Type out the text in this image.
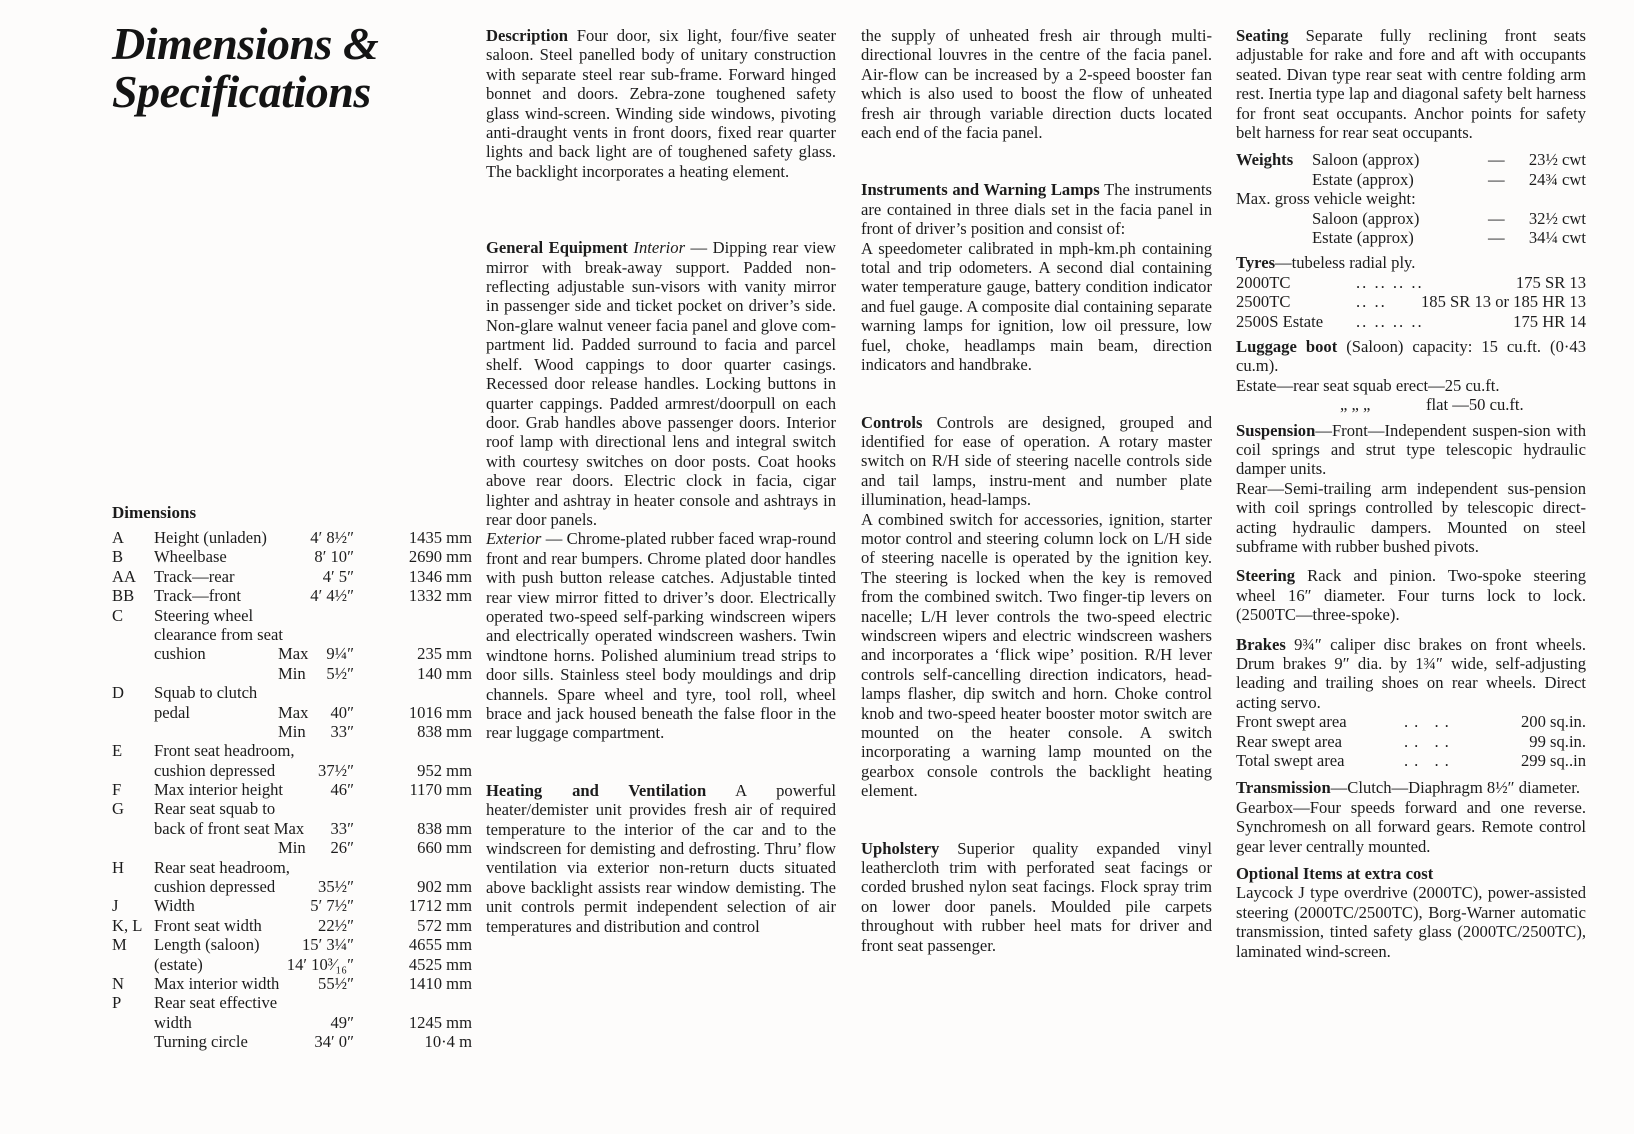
Dimensions &
Specifications
Dimensions
A Height (unladen)	4′ 8½″	1435 mm
B Wheelbase	8′ 10″	2690 mm
AA Track—rear	4′ 5″	1346 mm
BB Track—front	4′ 4½″	1332 mm
C Steering wheel
clearance from seat
cushion	Max 9¼″	235 mm
Min 5½″	140 mm
D Squab to clutch
pedal	Max 40″	1016 mm
Min 33″	838 mm
E Front seat headroom,
cushion depressed	37½″	952 mm
F Max interior height	46″	1170 mm
G Rear seat squab to
back of front seat Max 33″	838 mm
Min 26″	660 mm
H Rear seat headroom,
cushion depressed	35½″	902 mm
J Width	5′ 7½″	1712 mm
K, L Front seat width	22½″	572 mm
M Length (saloon)	15′ 3¼″	4655 mm
(estate)	14′ 10³⁄₁₆″	4525 mm
N Max interior width 55½″	1410 mm
P Rear seat effective
width	49″	1245 mm
Turning circle	34′ 0″	10·4 m

Description Four door, six light, four/five seater saloon. Steel panelled body of unitary construction with separate steel rear sub-frame. Forward hinged bonnet and doors. Zebra-zone toughened safety glass wind-screen. Winding side windows, pivoting anti-draught vents in front doors, fixed rear quarter lights and back light are of toughened safety glass. The backlight incorporates a heating element.

General Equipment Interior — Dipping rear view mirror with break-away support. Padded non-reflecting adjustable sun-visors with vanity mirror in passenger side and ticket pocket on driver’s side. Non-glare walnut veneer facia panel and glove com-partment lid. Padded surround to facia and parcel shelf. Wood cappings to door quarter casings. Recessed door release handles. Locking buttons in quarter cappings. Padded armrest/doorpull on each door. Grab handles above passenger doors. Interior roof lamp with directional lens and integral switch with courtesy switches on door posts. Coat hooks above rear doors. Electric clock in facia, cigar lighter and ashtray in heater console and ashtrays in rear door panels.
Exterior — Chrome-plated rubber faced wrap-round front and rear bumpers. Chrome plated door handles with push button release catches. Adjustable tinted rear view mirror fitted to driver’s door. Electrically operated two-speed self-parking windscreen wipers and electrically operated windscreen washers. Twin windtone horns. Polished aluminium tread strips to door sills. Stainless steel body mouldings and drip channels. Spare wheel and tyre, tool roll, wheel brace and jack housed beneath the false floor in the rear luggage compartment.

Heating and Ventilation A powerful heater/demister unit provides fresh air of required temperature to the interior of the car and to the windscreen for demisting and defrosting. Thru’ flow ventilation via exterior non-return ducts situated above backlight assists rear window demisting. The unit controls permit independent selection of air temperatures and distribution and control

the supply of unheated fresh air through multi-directional louvres in the centre of the facia panel. Air-flow can be increased by a 2-speed booster fan which is also used to boost the flow of unheated fresh air through variable direction ducts located each end of the facia panel.

Instruments and Warning Lamps The instruments are contained in three dials set in the facia panel in front of driver’s position and consist of:
A speedometer calibrated in mph-km.ph containing total and trip odometers. A second dial containing water temperature gauge, battery condition indicator and fuel gauge. A composite dial containing separate warning lamps for ignition, low oil pressure, low fuel, choke, headlamps main beam, direction indicators and handbrake.

Controls Controls are designed, grouped and identified for ease of operation. A rotary master switch on R/H side of steering nacelle controls side and tail lamps, instru-ment and number plate illumination, head-lamps.
A combined switch for accessories, ignition, starter motor control and steering column lock on L/H side of steering nacelle is operated by the ignition key. The steering is locked when the key is removed from the combined switch. Two finger-tip levers on nacelle; L/H lever controls the two-speed electric windscreen wipers and electric windscreen washers and incorporates a ‘flick wipe’ position. R/H lever controls self-cancelling direction indicators, head-lamps flasher, dip switch and horn. Choke control knob and two-speed heater booster motor switch are mounted on the heater console. A switch incorporating a warning lamp mounted on the gearbox console controls the backlight heating element.

Upholstery Superior quality expanded vinyl leathercloth trim with perforated seat facings or corded brushed nylon seat facings. Flock spray trim on lower door panels. Moulded pile carpets throughout with rubber heel mats for driver and front seat passenger.

Seating Separate fully reclining front seats adjustable for rake and fore and aft with occupants seated. Divan type rear seat with centre folding arm rest. Inertia type lap and diagonal safety belt harness for front seat occupants. Anchor points for safety belt harness for rear seat occupants.

Weights Saloon (approx)	— 23½ cwt
Estate (approx)	— 24¾ cwt
Max. gross vehicle weight:
Saloon (approx)	— 32½ cwt
Estate (approx)	— 34¼ cwt
Tyres—tubeless radial ply.
2000TC	.. .. .. ..	175 SR 13
2500TC	.. .. 185 SR 13 or 185 HR 13
2500S Estate .. .. .. ..	175 HR 14

Luggage boot (Saloon) capacity: 15 cu.ft. (0·43 cu.m).

Estate—rear seat squab erect—25 cu.ft.
„ „ „	flat —50 cu.ft.

Suspension—Front—Independent suspen-sion with coil springs and strut type telescopic hydraulic damper units.
Rear—Semi-trailing arm independent sus-pension with coil springs controlled by telescopic direct-acting hydraulic dampers. Mounted on steel subframe with rubber bushed pivots.

Steering Rack and pinion. Two-spoke steering wheel 16″ diameter. Four turns lock to lock. (2500TC—three-spoke).

Brakes 9¾″ caliper disc brakes on front wheels. Drum brakes 9″ dia. by 1¾″ wide, self-adjusting leading and trailing shoes on rear wheels. Direct acting servo.

Front swept area	.. ..	200 sq.in.
Rear swept area	.. ..	99 sq.in.
Total swept area	.. ..	299 sq..in

Transmission—Clutch—Diaphragm 8½″ diameter.
Gearbox—Four speeds forward and one reverse. Synchromesh on all forward gears. Remote control gear lever centrally mounted.

Optional Items at extra cost
Laycock J type overdrive (2000TC), power-assisted steering (2000TC/2500TC), Borg-Warner automatic transmission, tinted safety glass (2000TC/2500TC), laminated wind-screen.
